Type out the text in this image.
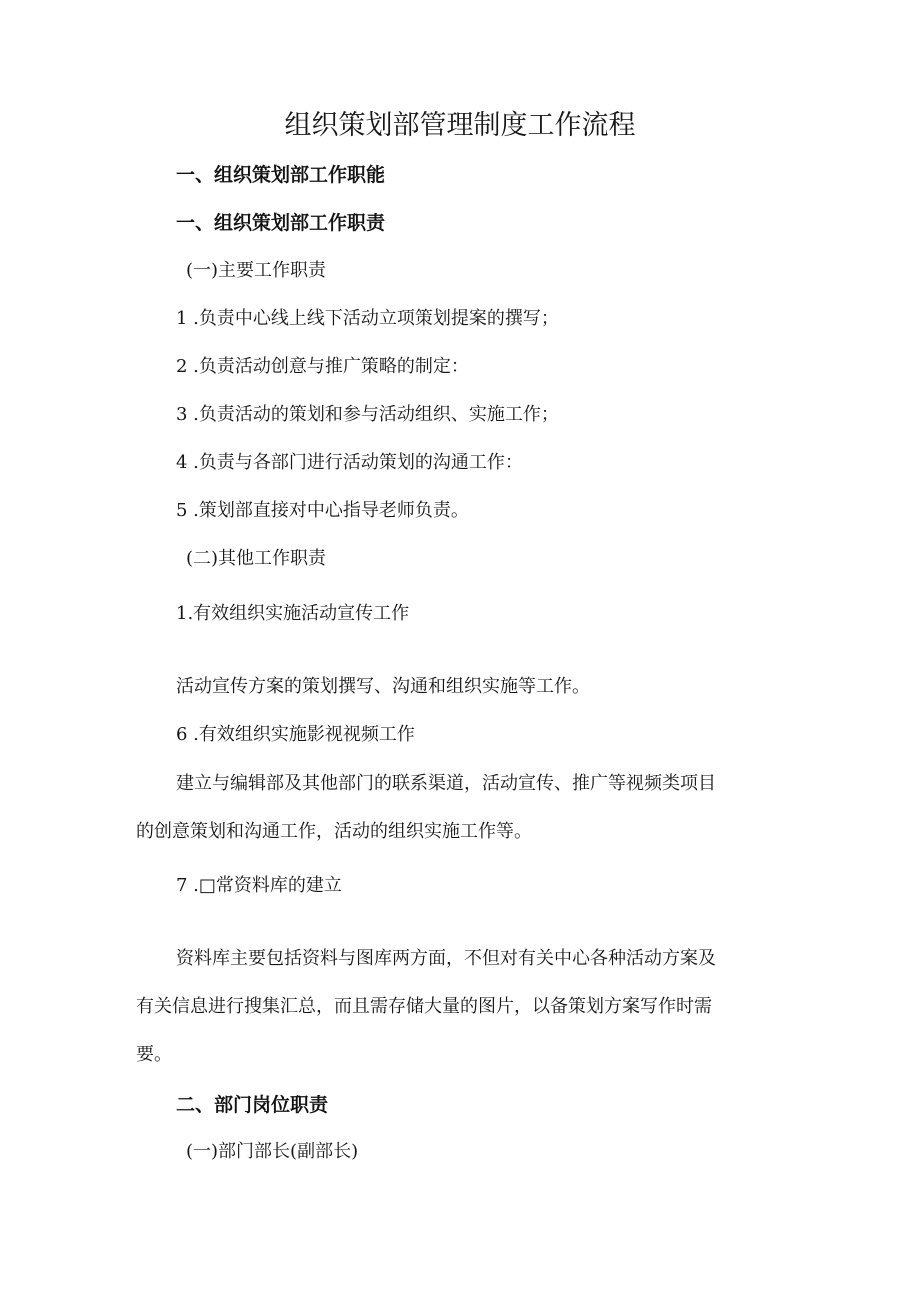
组织策划部管理制度工作流程
一、组织策划部工作职能
一、组织策划部工作职责
(一)主要工作职责
1 .负责中心线上线下活动立项策划提案的撰写；
2 .负责活动创意与推广策略的制定：
3 .负责活动的策划和参与活动组织、实施工作；
4 .负责与各部门进行活动策划的沟通工作：
5 .策划部直接对中心指导老师负责。
(二)其他工作职责
1.有效组织实施活动宣传工作
活动宣传方案的策划撰写、沟通和组织实施等工作。
6 .有效组织实施影视视频工作
建立与编辑部及其他部门的联系渠道，活动宣传、推广等视频类项目
的创意策划和沟通工作，活动的组织实施工作等。
7 .□常资料库的建立
资料库主要包括资料与图库两方面，不但对有关中心各种活动方案及
有关信息进行搜集汇总，而且需存储大量的图片，以备策划方案写作时需
要。
二、部门岗位职责
(一)部门部长(副部长)
